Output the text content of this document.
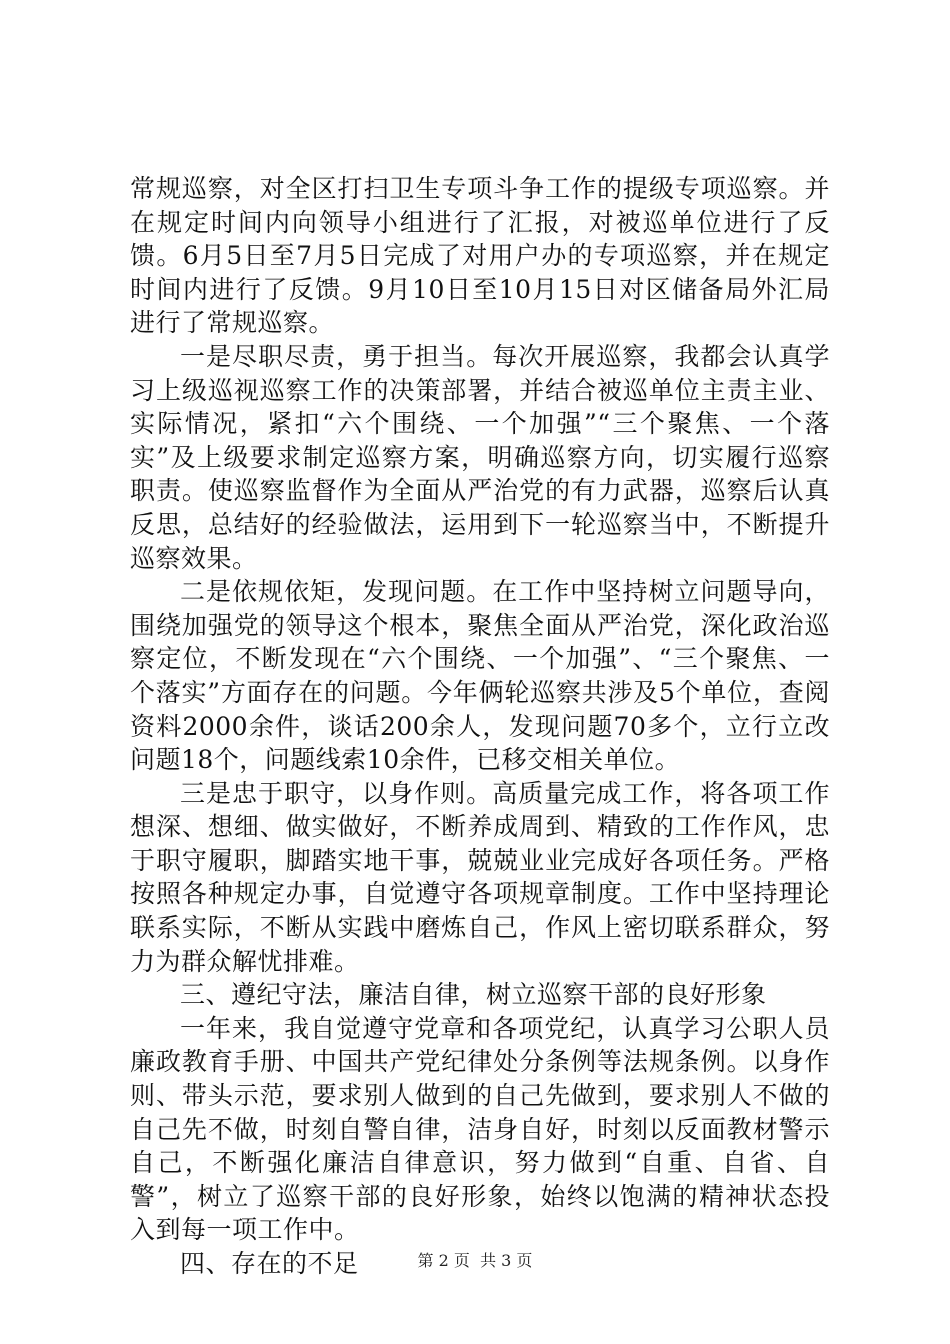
常规巡察，对全区打扫卫生专项斗争工作的提级专项巡察。并在规定时间内向领导小组进行了汇报，对被巡单位进行了反馈。6月5日至7月5日完成了对用户办的专项巡察，并在规定时间内进行了反馈。9月10日至10月15日对区储备局外汇局进行了常规巡察。

一是尽职尽责，勇于担当。每次开展巡察，我都会认真学习上级巡视巡察工作的决策部署，并结合被巡单位主责主业、实际情况，紧扣“六个围绕、一个加强”“三个聚焦、一个落实”及上级要求制定巡察方案，明确巡察方向，切实履行巡察职责。使巡察监督作为全面从严治党的有力武器，巡察后认真反思，总结好的经验做法，运用到下一轮巡察当中，不断提升巡察效果。

二是依规依矩，发现问题。在工作中坚持树立问题导向，围绕加强党的领导这个根本，聚焦全面从严治党，深化政治巡察定位，不断发现在“六个围绕、一个加强”、“三个聚焦、一个落实”方面存在的问题。今年俩轮巡察共涉及5个单位，查阅资料2000余件，谈话200余人，发现问题70多个，立行立改问题18个，问题线索10余件，已移交相关单位。

三是忠于职守，以身作则。高质量完成工作，将各项工作想深、想细、做实做好，不断养成周到、精致的工作作风，忠于职守履职，脚踏实地干事，兢兢业业完成好各项任务。严格按照各种规定办事，自觉遵守各项规章制度。工作中坚持理论联系实际，不断从实践中磨炼自己，作风上密切联系群众，努力为群众解忧排难。

三、遵纪守法，廉洁自律，树立巡察干部的良好形象

一年来，我自觉遵守党章和各项党纪，认真学习公职人员廉政教育手册、中国共产党纪律处分条例等法规条例。以身作则、带头示范，要求别人做到的自己先做到，要求别人不做的自己先不做，时刻自警自律，洁身自好，时刻以反面教材警示自己，不断强化廉洁自律意识，努力做到“自重、自省、自警”，树立了巡察干部的良好形象，始终以饱满的精神状态投入到每一项工作中。

四、存在的不足	第 2 页  共 3 页
